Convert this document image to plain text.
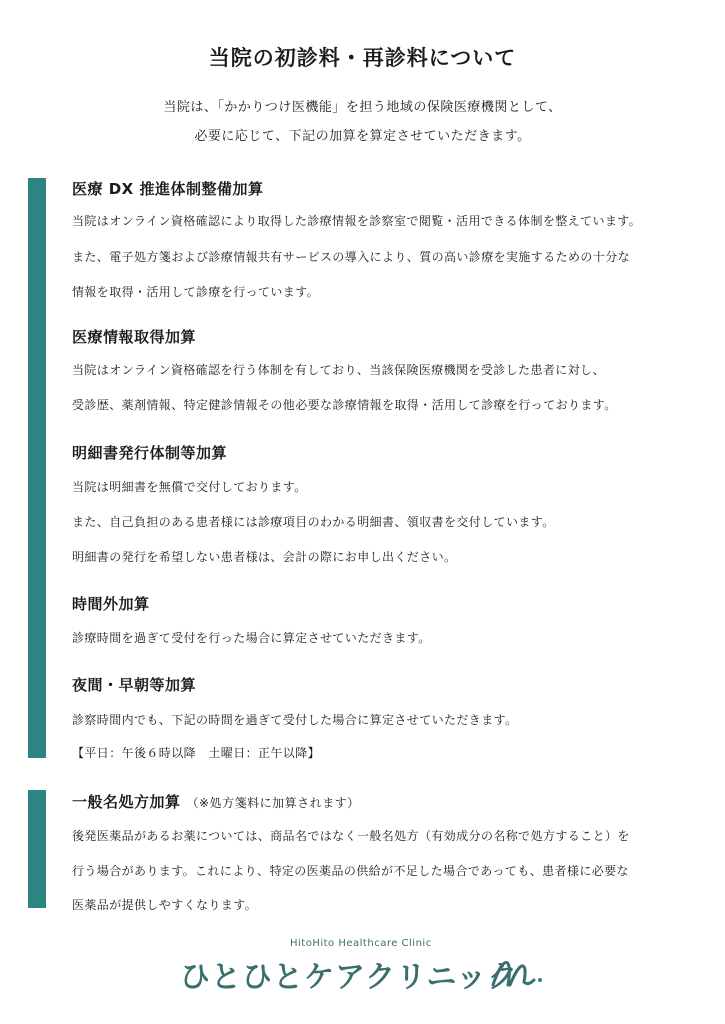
当院の初診料・再診料について
当院は、「かかりつけ医機能」を担う地域の保険医療機関として、
必要に応じて、下記の加算を算定させていただきます。
医療 DX 推進体制整備加算
当院はオンライン資格確認により取得した診療情報を診察室で閲覧・活用できる体制を整えています。
また、電子処方箋および診療情報共有サービスの導入により、質の高い診療を実施するための十分な
情報を取得・活用して診療を行っています。
医療情報取得加算
当院はオンライン資格確認を行う体制を有しており、当該保険医療機関を受診した患者に対し、
受診歴、薬剤情報、特定健診情報その他必要な診療情報を取得・活用して診療を行っております。
明細書発行体制等加算
当院は明細書を無償で交付しております。
また、自己負担のある患者様には診療項目のわかる明細書、領収書を交付しています。
明細書の発行を希望しない患者様は、会計の際にお申し出ください。
時間外加算
診療時間を過ぎて受付を行った場合に算定させていただきます。
夜間・早朝等加算
診察時間内でも、下記の時間を過ぎて受付した場合に算定させていただきます。
【平日：午後６時以降　土曜日：正午以降】
一般名処方加算 （※処方箋料に加算されます）
後発医薬品があるお薬については、商品名ではなく一般名処方（有効成分の名称で処方すること）を
行う場合があります。これにより、特定の医薬品の供給が不足した場合であっても、患者様に必要な
医薬品が提供しやすくなります。
HitoHito Healthcare Clinic
ひとひとケアクリニック
